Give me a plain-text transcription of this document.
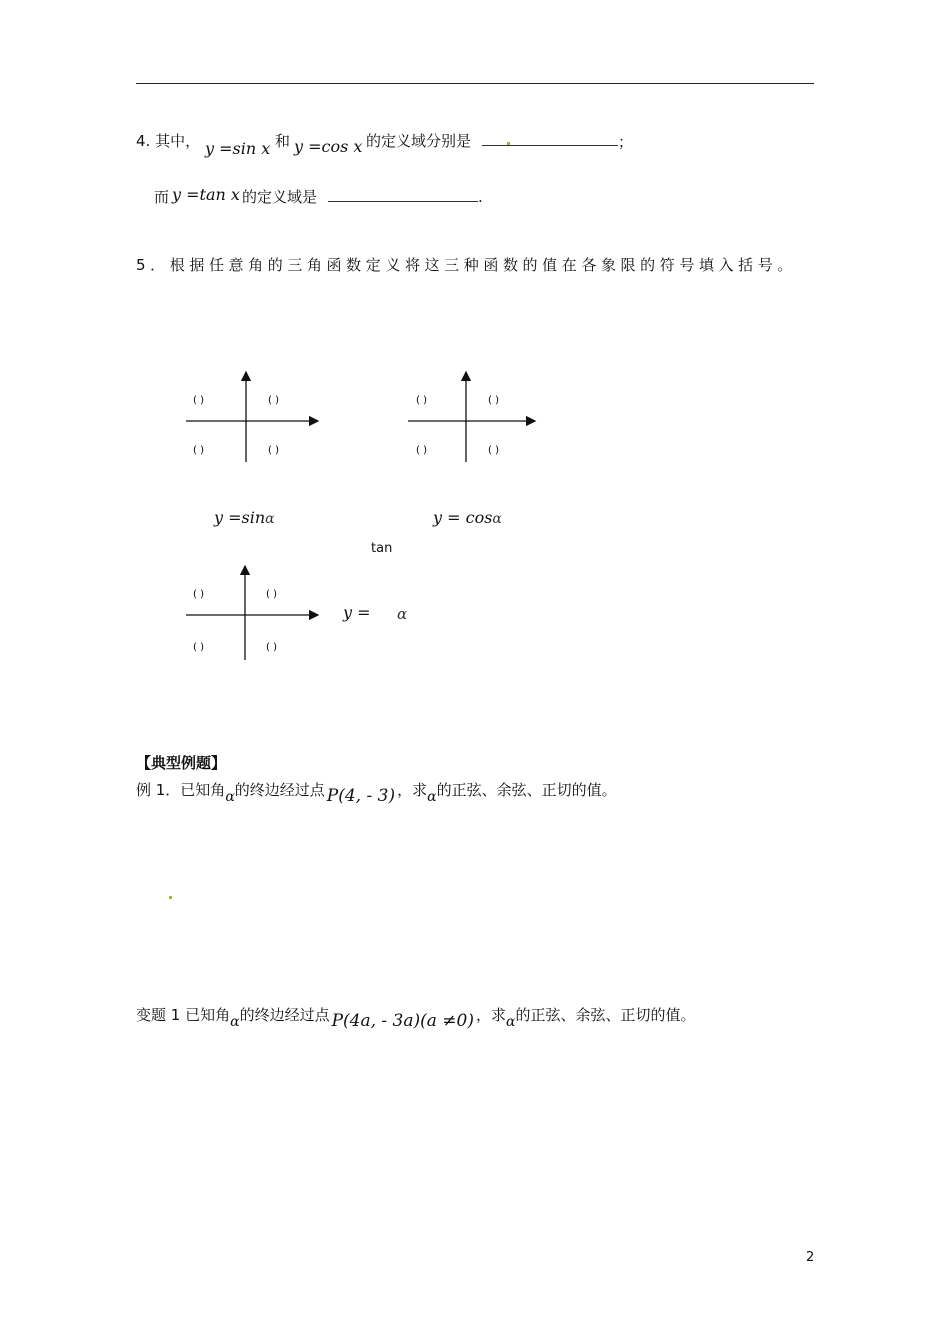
4. 其中， y =sin x 和 y =cos x 的定义域分别是	；
而 y =tan x 的定义域是	.
5．根据任意角的三角函数定义将这三种函数的值在各象限的符号填入括号。
( )	( )
( )	( )
( )	( )
( )	( )
( )	( )
( )	( )
y =sinα	y = cosα
tan
y = α
【典型例题】
例 1．已知角α的终边经过点 P(4, - 3) ，求α的正弦、余弦、正切的值。
变题 1 已知角α的终边经过点 P(4a, - 3a)(a ≠0) ，求α的正弦、余弦、正切的值。
2
